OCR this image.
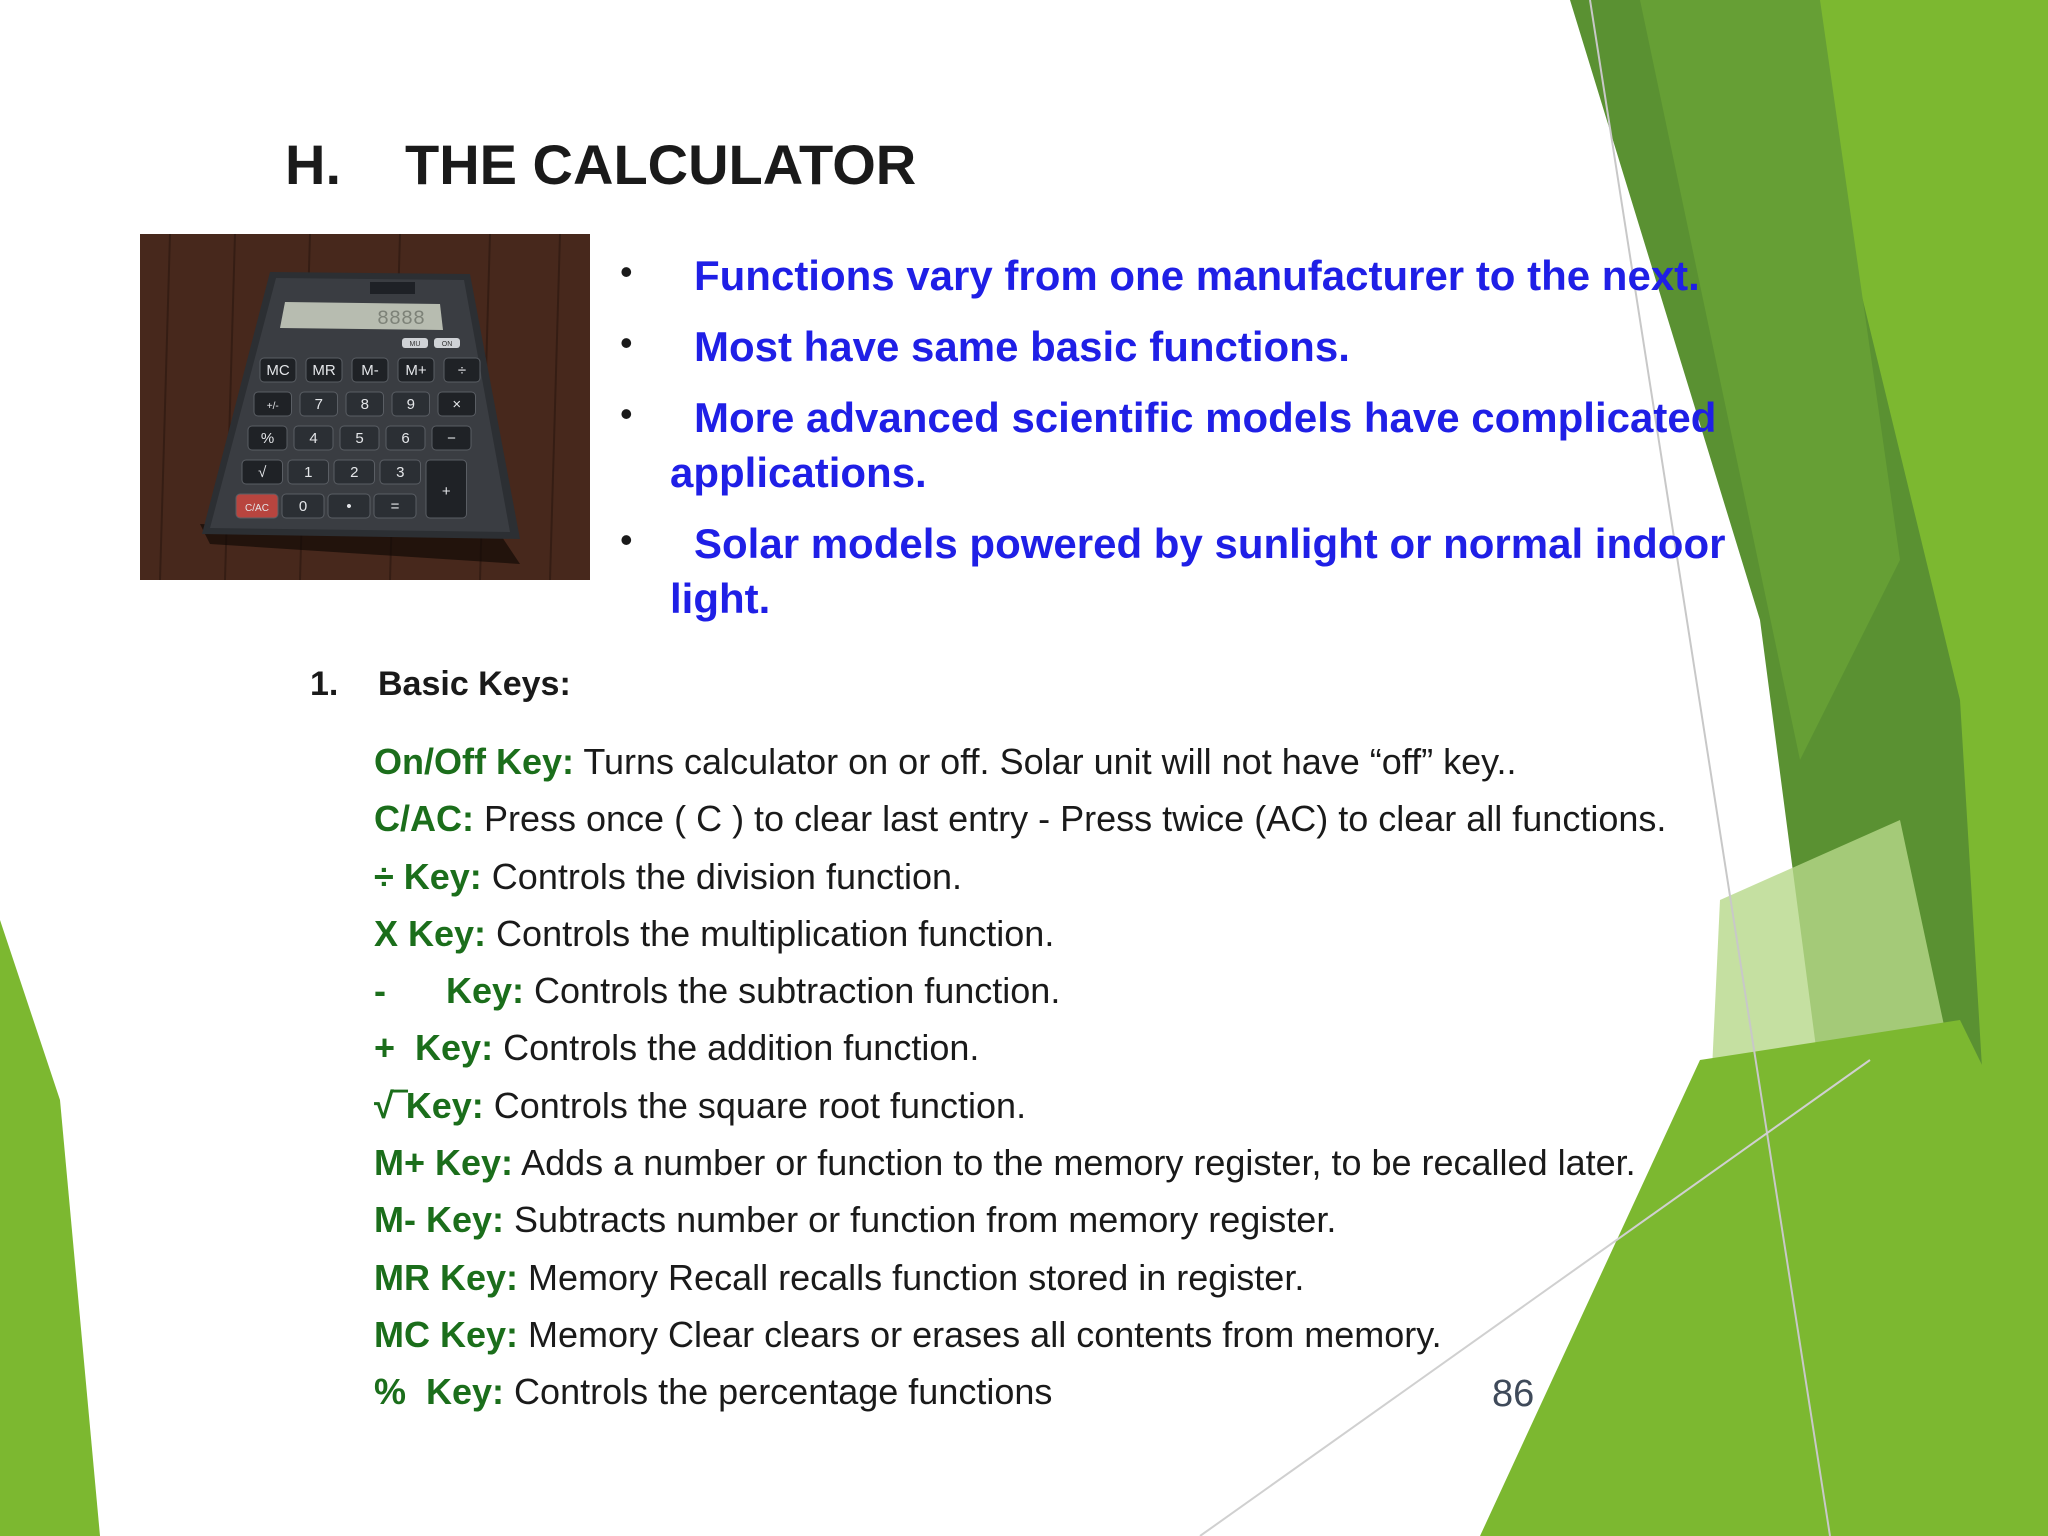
H. THE CALCULATOR
8888
MU	ON
MC MR M- M+ ÷
+/- 7	8	9 ×
% 4	5	6 −
√	1	2	3
+
C/AC 0	•	=
• Functions vary from one manufacturer to the next.
• Most have same basic functions.
• More advanced scientific models have complicated applications.
• Solar models powered by sunlight or normal indoor light.
1. Basic Keys:
On/Off Key: Turns calculator on or off. Solar unit will not have “off” key..
C/AC: Press once ( C ) to clear last entry - Press twice (AC) to clear all functions.
÷ Key: Controls the division function.
X Key: Controls the multiplication function.
-      Key: Controls the subtraction function.
+  Key: Controls the addition function.
√‾Key: Controls the square root function.
M+ Key: Adds a number or function to the memory register, to be recalled later.
M- Key: Subtracts number or function from memory register.
MR Key: Memory Recall recalls function stored in register.
MC Key: Memory Clear clears or erases all contents from memory.
%  Key: Controls the percentage functions	86
